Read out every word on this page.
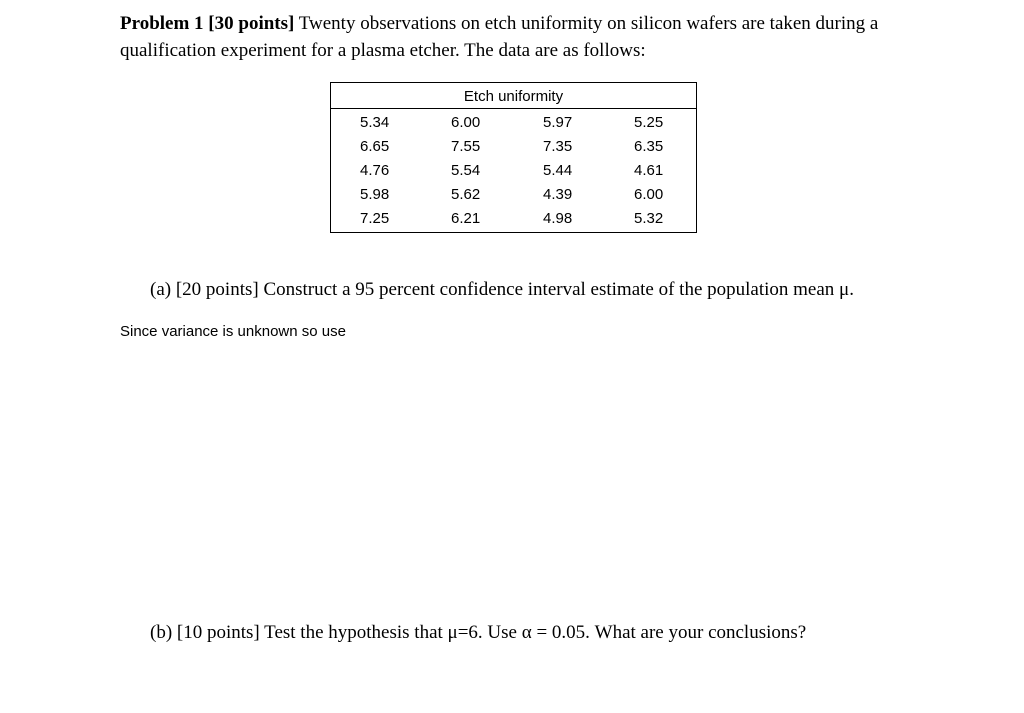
Problem 1 [30 points] Twenty observations on etch uniformity on silicon wafers are taken during a qualification experiment for a plasma etcher. The data are as follows:
Etch uniformity
5.34	6.00	5.97	5.25
6.65	7.55	7.35	6.35
4.76	5.54	5.44	4.61
5.98	5.62	4.39	6.00
7.25	6.21	4.98	5.32
(a) [20 points] Construct a 95 percent confidence interval estimate of the population mean μ.
Since variance is unknown so use
(b) [10 points] Test the hypothesis that μ=6. Use α = 0.05. What are your conclusions?
